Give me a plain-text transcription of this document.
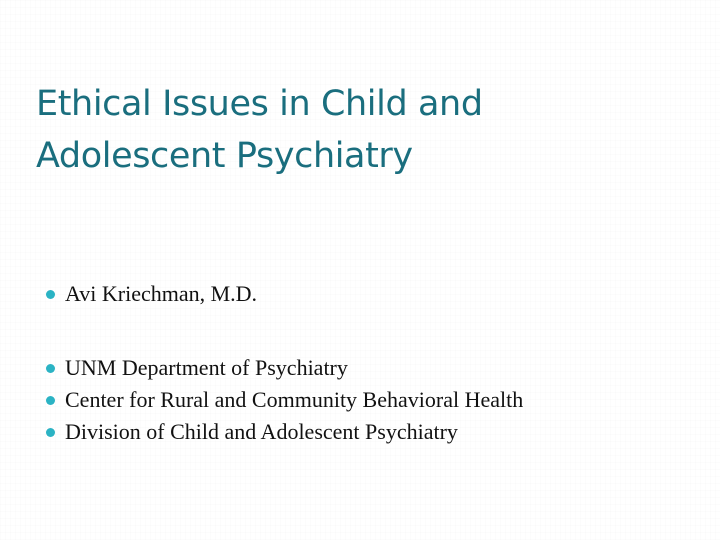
Ethical Issues in Child and
Adolescent Psychiatry
Avi Kriechman, M.D.
UNM Department of Psychiatry
Center for Rural and Community Behavioral Health
Division of Child and Adolescent Psychiatry
